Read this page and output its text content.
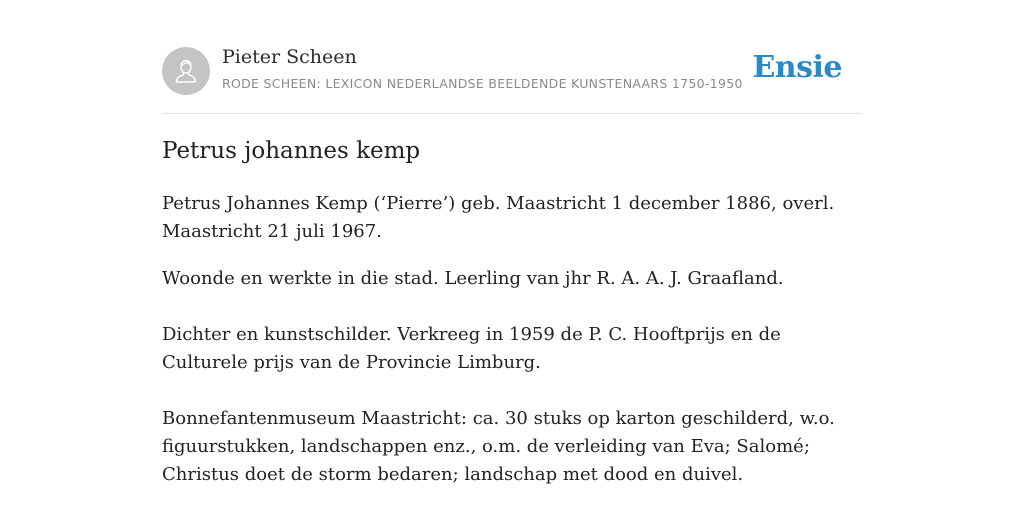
Pieter Scheen
RODE SCHEEN: LEXICON NEDERLANDSE BEELDENDE KUNSTENAARS 1750-1950 Ensie
Petrus johannes kemp

Petrus Johannes Kemp (‘Pierre’) geb. Maastricht 1 december 1886, overl. Maastricht 21 juli 1967.

Woonde en werkte in die stad. Leerling van jhr R. A. A. J. Graafland.

Dichter en kunstschilder. Verkreeg in 1959 de P. C. Hooftprijs en de Culturele prijs van de Provincie Limburg.

Bonnefantenmuseum Maastricht: ca. 30 stuks op karton geschilderd, w.o. figuurstukken, landschappen enz., o.m. de verleiding van Eva; Salomé; Christus doet de storm bedaren; landschap met dood en duivel.
